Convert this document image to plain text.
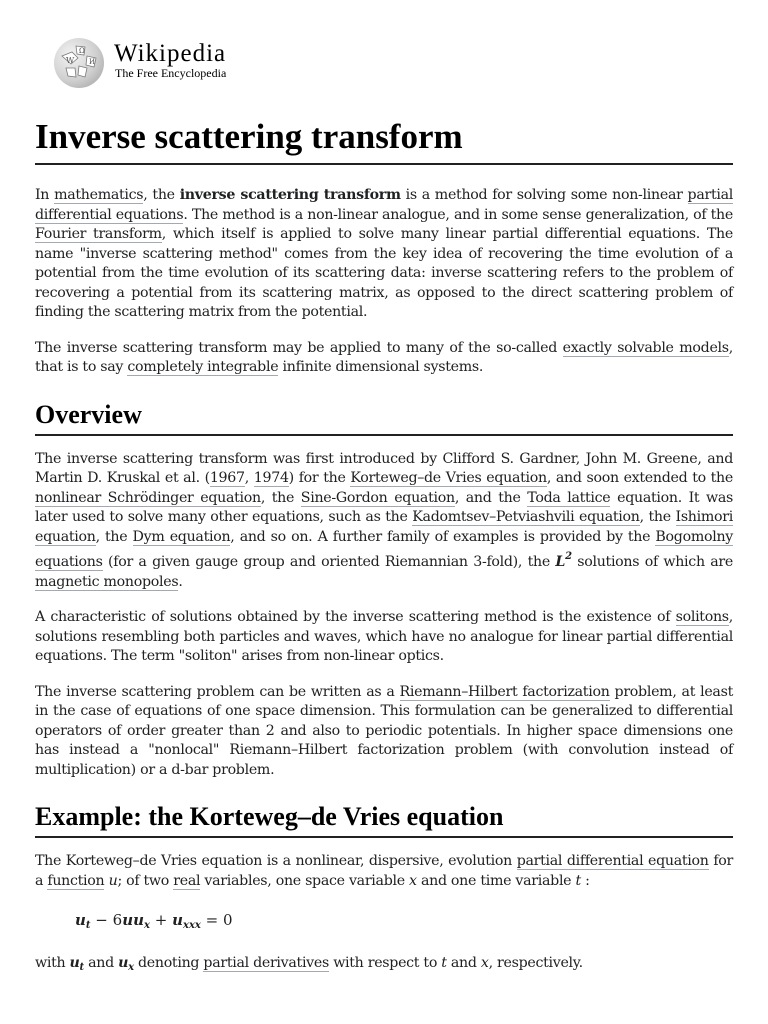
W
Ω
И Wikipedia
The Free Encyclopedia
Inverse scattering transform

In mathematics, the inverse scattering transform is a method for solving some non-linear partial differential equations. The method is a non-linear analogue, and in some sense generalization, of the Fourier transform, which itself is applied to solve many linear partial differential equations. The name "inverse scattering method" comes from the key idea of recovering the time evolution of a potential from the time evolution of its scattering data: inverse scattering refers to the problem of recovering a potential from its scattering matrix, as opposed to the direct scattering problem of finding the scattering matrix from the potential.

The inverse scattering transform may be applied to many of the so-called exactly solvable models, that is to say completely integrable infinite dimensional systems.

Overview

The inverse scattering transform was first introduced by Clifford S. Gardner, John M. Greene, and Martin D. Kruskal et al. (1967, 1974) for the Korteweg–de Vries equation, and soon extended to the nonlinear Schrödinger equation, the Sine-Gordon equation, and the Toda lattice equation. It was later used to solve many other equations, such as the Kadomtsev–Petviashvili equation, the Ishimori equation, the Dym equation, and so on. A further family of examples is provided by the Bogomolny equations (for a given gauge group and oriented Riemannian 3-fold), the $L^2$ solutions of which are magnetic monopoles.

A characteristic of solutions obtained by the inverse scattering method is the existence of solitons, solutions resembling both particles and waves, which have no analogue for linear partial differential equations. The term "soliton" arises from non-linear optics.

The inverse scattering problem can be written as a Riemann–Hilbert factorization problem, at least in the case of equations of one space dimension. This formulation can be generalized to differential operators of order greater than 2 and also to periodic potentials. In higher space dimensions one has instead a "nonlocal" Riemann–Hilbert factorization problem (with convolution instead of multiplication) or a d-bar problem.

Example: the Korteweg–de Vries equation

The Korteweg–de Vries equation is a nonlinear, dispersive, evolution partial differential equation for a function u; of two real variables, one space variable x and one time variable t :

$u_t - 6uu_x + u_{xxx} = 0$

with $u_t$ and $u_x$ denoting partial derivatives with respect to t and x, respectively.
